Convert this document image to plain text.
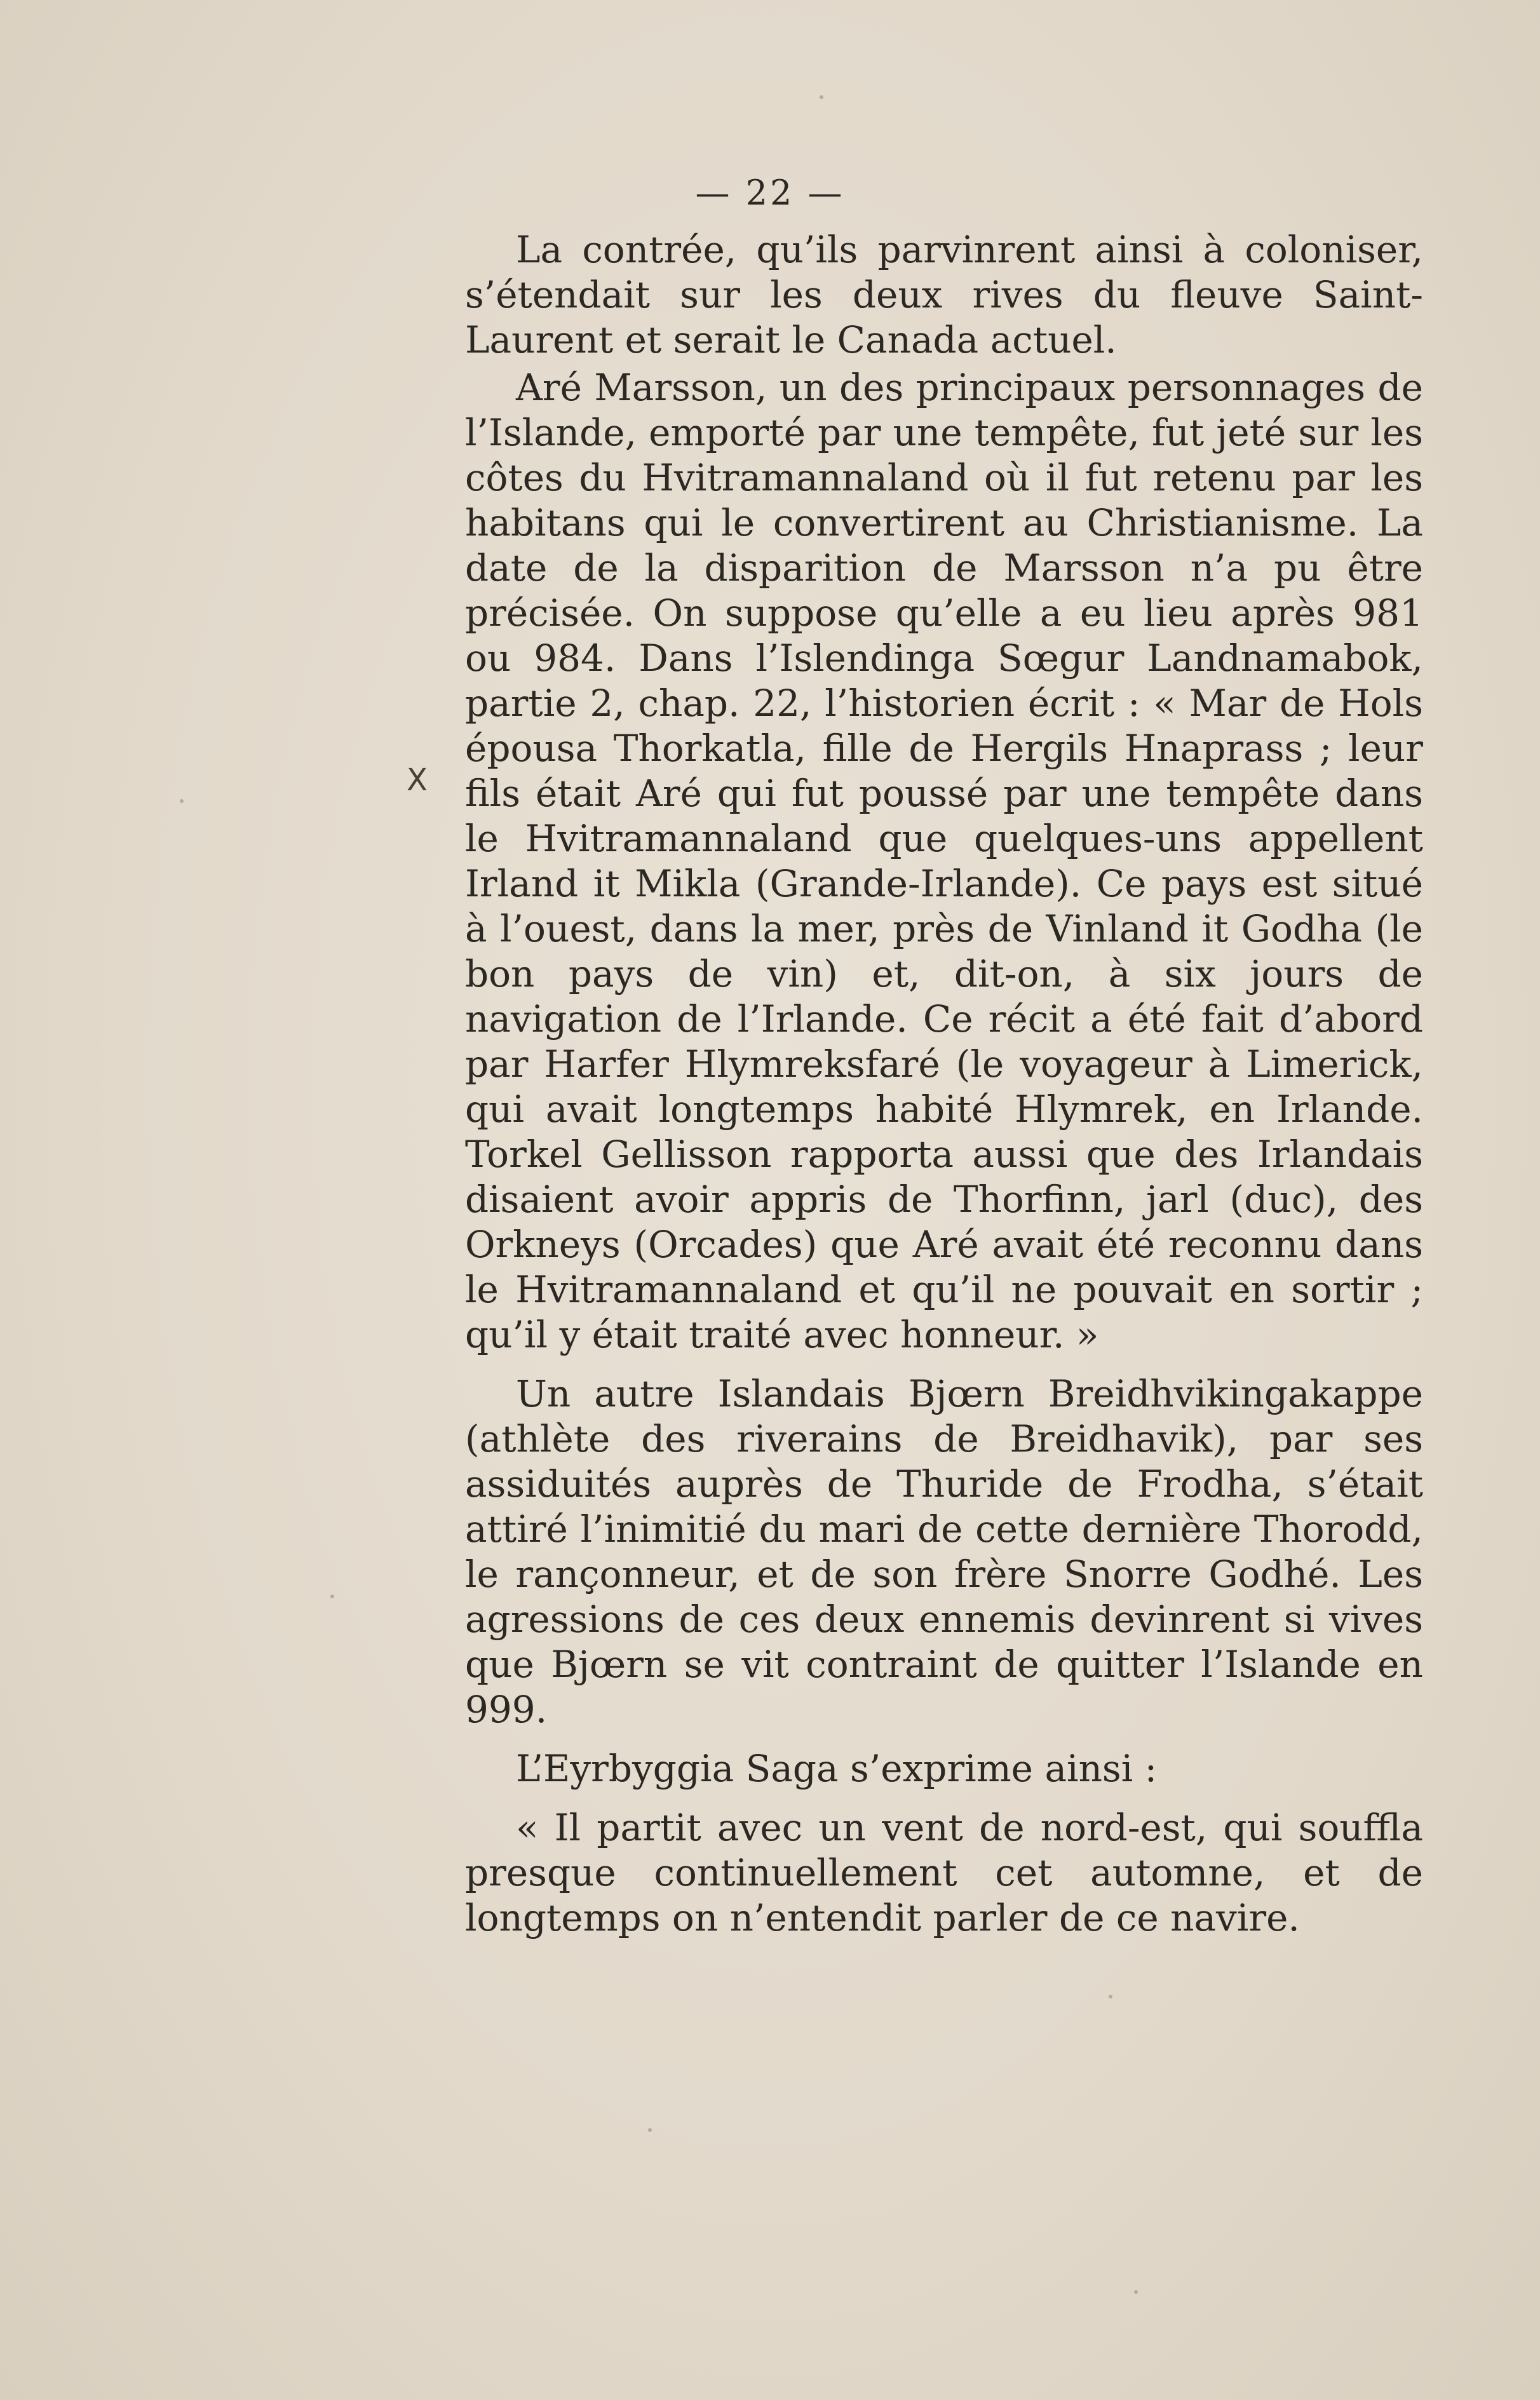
— 22 —
X

La contrée, qu’ils parvinrent ainsi à coloniser, s’étendait sur les deux rives du fleuve Saint-Laurent et serait le Canada actuel.

Aré Marsson, un des principaux personnages de l’Islande, emporté par une tempête, fut jeté sur les côtes du Hvitramannaland où il fut retenu par les habitans qui le convertirent au Christianisme. La date de la disparition de Marsson n’a pu être précisée. On suppose qu’elle a eu lieu après 981 ou 984. Dans l’Islendinga Sœgur Landnamabok, partie 2, chap. 22, l’historien écrit : « Mar de Hols épousa Thorkatla, fille de Hergils Hnaprass ; leur fils était Aré qui fut poussé par une tempête dans le Hvitramannaland que quelques-uns appellent Irland it Mikla (Grande-Irlande). Ce pays est situé à l’ouest, dans la mer, près de Vinland it Godha (le bon pays de vin) et, dit-on, à six jours de navigation de l’Irlande. Ce récit a été fait d’abord par Harfer Hlymreksfaré (le voyageur à Limerick, qui avait longtemps habité Hlymrek, en Irlande. Torkel Gellisson rapporta aussi que des Irlandais disaient avoir appris de Thorfinn, jarl (duc), des Orkneys (Orcades) que Aré avait été reconnu dans le Hvitramannaland et qu’il ne pouvait en sortir ; qu’il y était traité avec honneur. »

Un autre Islandais Bjœrn Breidhvikingakappe (athlète des riverains de Breidhavik), par ses assiduités auprès de Thuride de Frodha, s’était attiré l’inimitié du mari de cette dernière Thorodd, le rançonneur, et de son frère Snorre Godhé. Les agressions de ces deux ennemis devinrent si vives que Bjœrn se vit contraint de quitter l’Islande en 999.

L’Eyrbyggia Saga s’exprime ainsi :

« Il partit avec un vent de nord-est, qui souffla presque continuellement cet automne, et de longtemps on n’entendit parler de ce navire.
